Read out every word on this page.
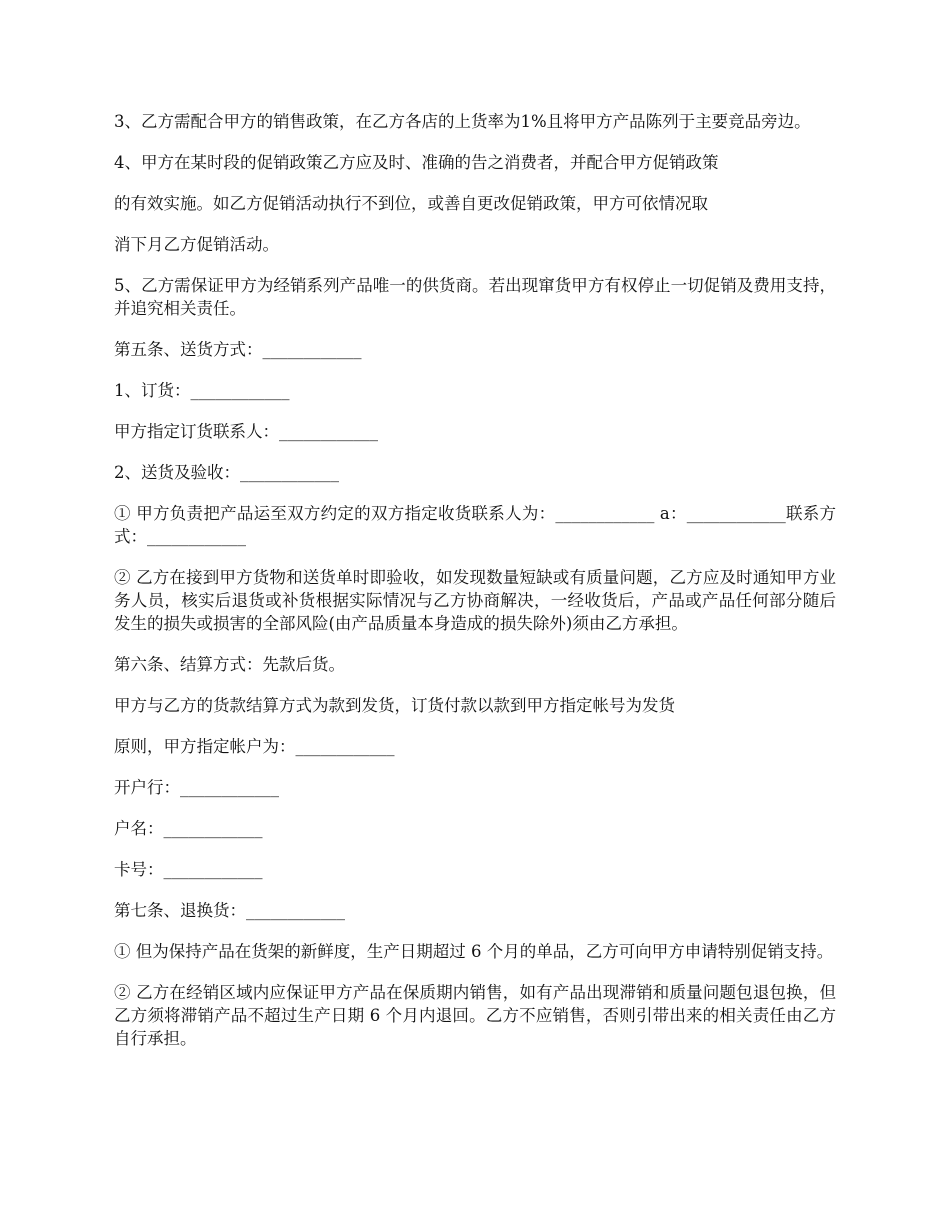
3、乙方需配合甲方的销售政策，在乙方各店的上货率为1%且将甲方产品陈列于主要竞品旁边。

4、甲方在某时段的促销政策乙方应及时、准确的告之消费者，并配合甲方促销政策

的有效实施。如乙方促销活动执行不到位，或善自更改促销政策，甲方可依情况取

消下月乙方促销活动。

5、乙方需保证甲方为经销系列产品唯一的供货商。若出现窜货甲方有权停止一切促销及费用支持，并追究相关责任。

第五条、送货方式：____________

1、订货：____________

甲方指定订货联系人：____________

2、送货及验收：____________

① 甲方负责把产品运至双方约定的双方指定收货联系人为：____________ a：____________联系方式：____________

② 乙方在接到甲方货物和送货单时即验收，如发现数量短缺或有质量问题，乙方应及时通知甲方业务人员，核实后退货或补货根据实际情况与乙方协商解决，一经收货后，产品或产品任何部分随后发生的损失或损害的全部风险(由产品质量本身造成的损失除外)须由乙方承担。

第六条、结算方式：先款后货。

甲方与乙方的货款结算方式为款到发货，订货付款以款到甲方指定帐号为发货

原则，甲方指定帐户为：____________

开户行：____________

户名：____________

卡号：____________

第七条、退换货：____________

① 但为保持产品在货架的新鲜度，生产日期超过 6 个月的单品，乙方可向甲方申请特别促销支持。

② 乙方在经销区域内应保证甲方产品在保质期内销售，如有产品出现滞销和质量问题包退包换，但乙方须将滞销产品不超过生产日期 6 个月内退回。乙方不应销售，否则引带出来的相关责任由乙方自行承担。
